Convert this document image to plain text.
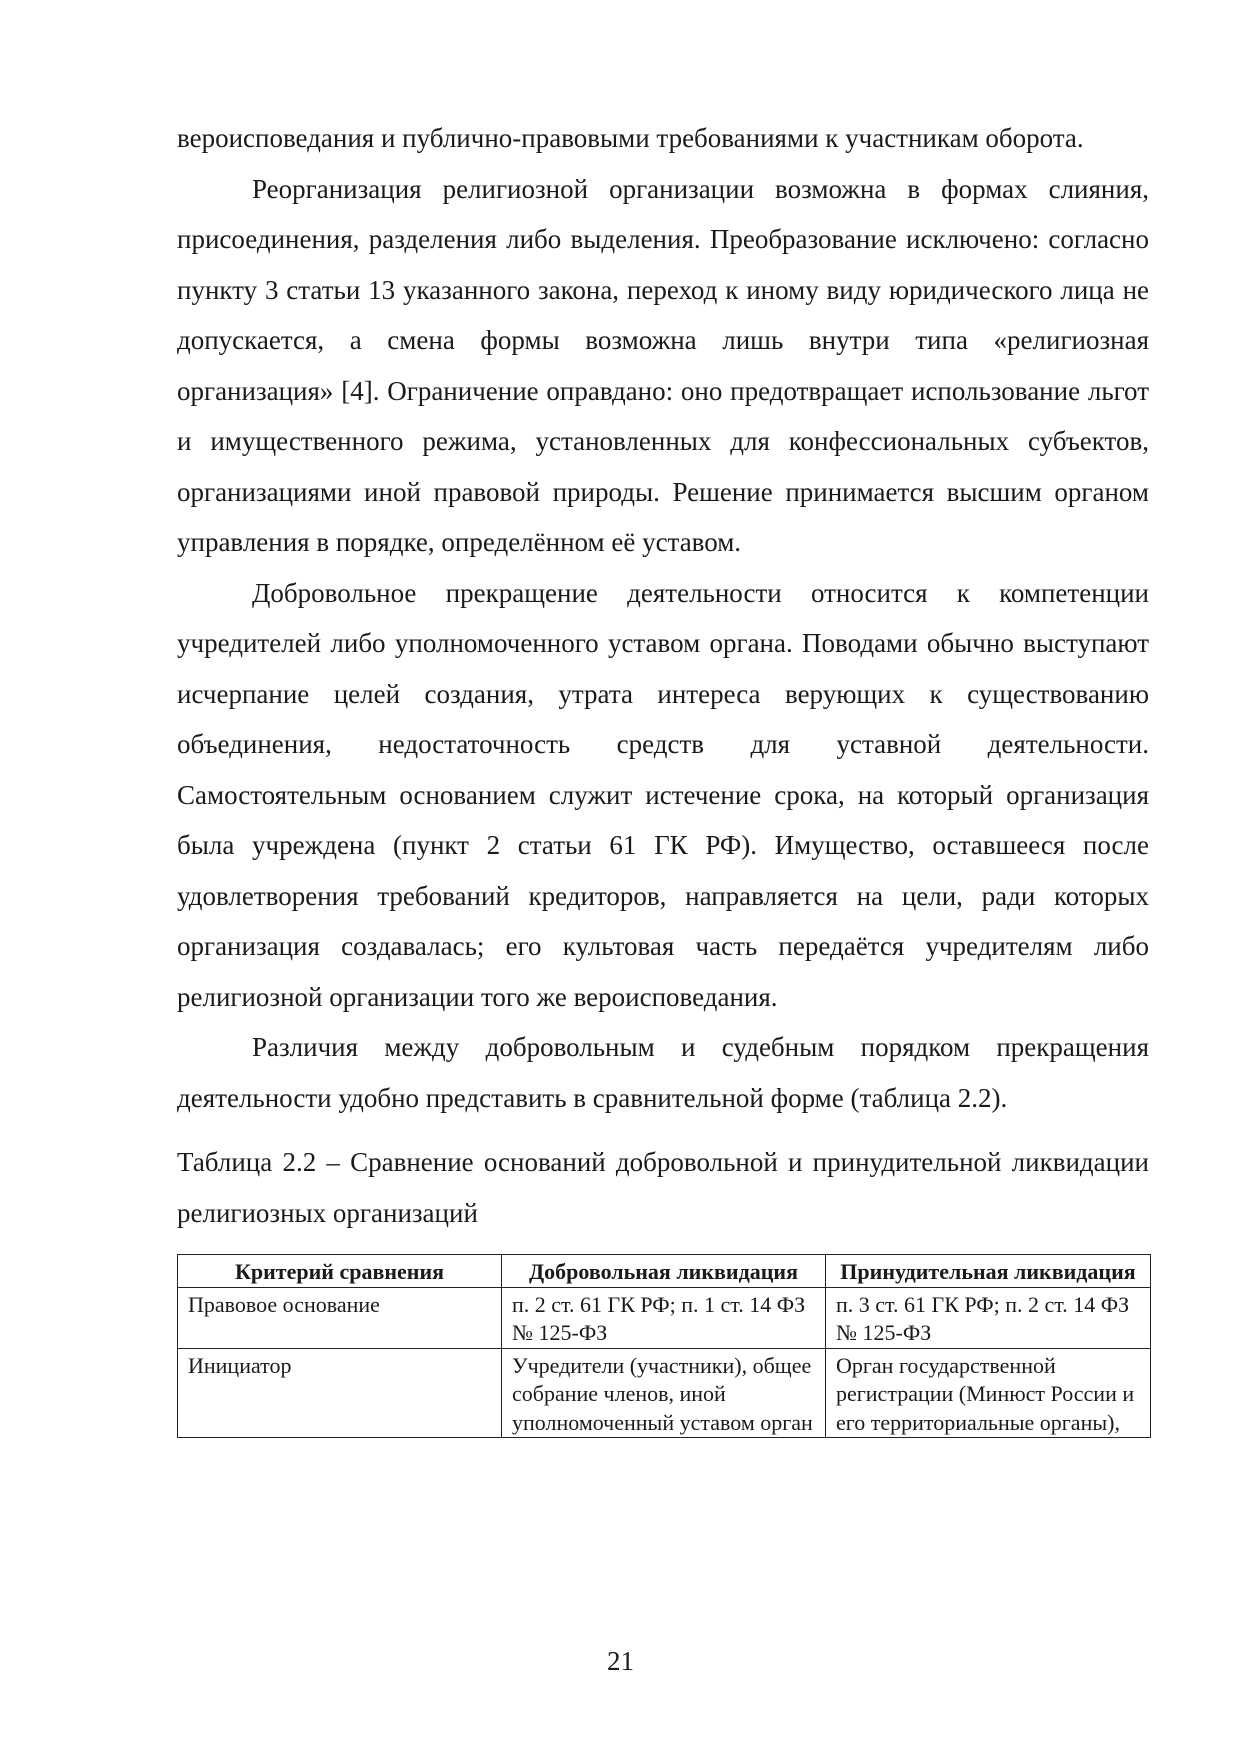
вероисповедания и публично-правовыми требованиями к участникам оборота.

Реорганизация религиозной организации возможна в формах слияния, присоединения, разделения либо выделения. Преобразование исключено: согласно пункту 3 статьи 13 указанного закона, переход к иному виду юридического лица не допускается, а смена формы возможна лишь внутри типа «религиозная организация» [4]. Ограничение оправдано: оно предотвращает использование льгот и имущественного режима, установленных для конфессиональных субъектов, организациями иной правовой природы. Решение принимается высшим органом управления в порядке, определённом её уставом.

Добровольное прекращение деятельности относится к компетенции учредителей либо уполномоченного уставом органа. Поводами обычно выступают исчерпание целей создания, утрата интереса верующих к существованию объединения, недостаточность средств для уставной деятельности. Самостоятельным основанием служит истечение срока, на который организация была учреждена (пункт 2 статьи 61 ГК РФ). Имущество, оставшееся после удовлетворения требований кредиторов, направляется на цели, ради которых организация создавалась; его культовая часть передаётся учредителям либо религиозной организации того же вероисповедания.

Различия между добровольным и судебным порядком прекращения деятельности удобно представить в сравнительной форме (таблица 2.2).

Таблица 2.2 – Сравнение оснований добровольной и принудительной ликвидации религиозных организаций

Критерий сравнения	Добровольная ликвидация	Принудительная ликвидация
Правовое основание	п. 2 ст. 61 ГК РФ; п. 1 ст. 14 ФЗ № 125-ФЗ	п. 3 ст. 61 ГК РФ; п. 2 ст. 14 ФЗ № 125-ФЗ
Инициатор	Учредители (участники), общее собрание членов, иной уполномоченный уставом орган	Орган государственной регистрации (Минюст России и его территориальные органы),
21
